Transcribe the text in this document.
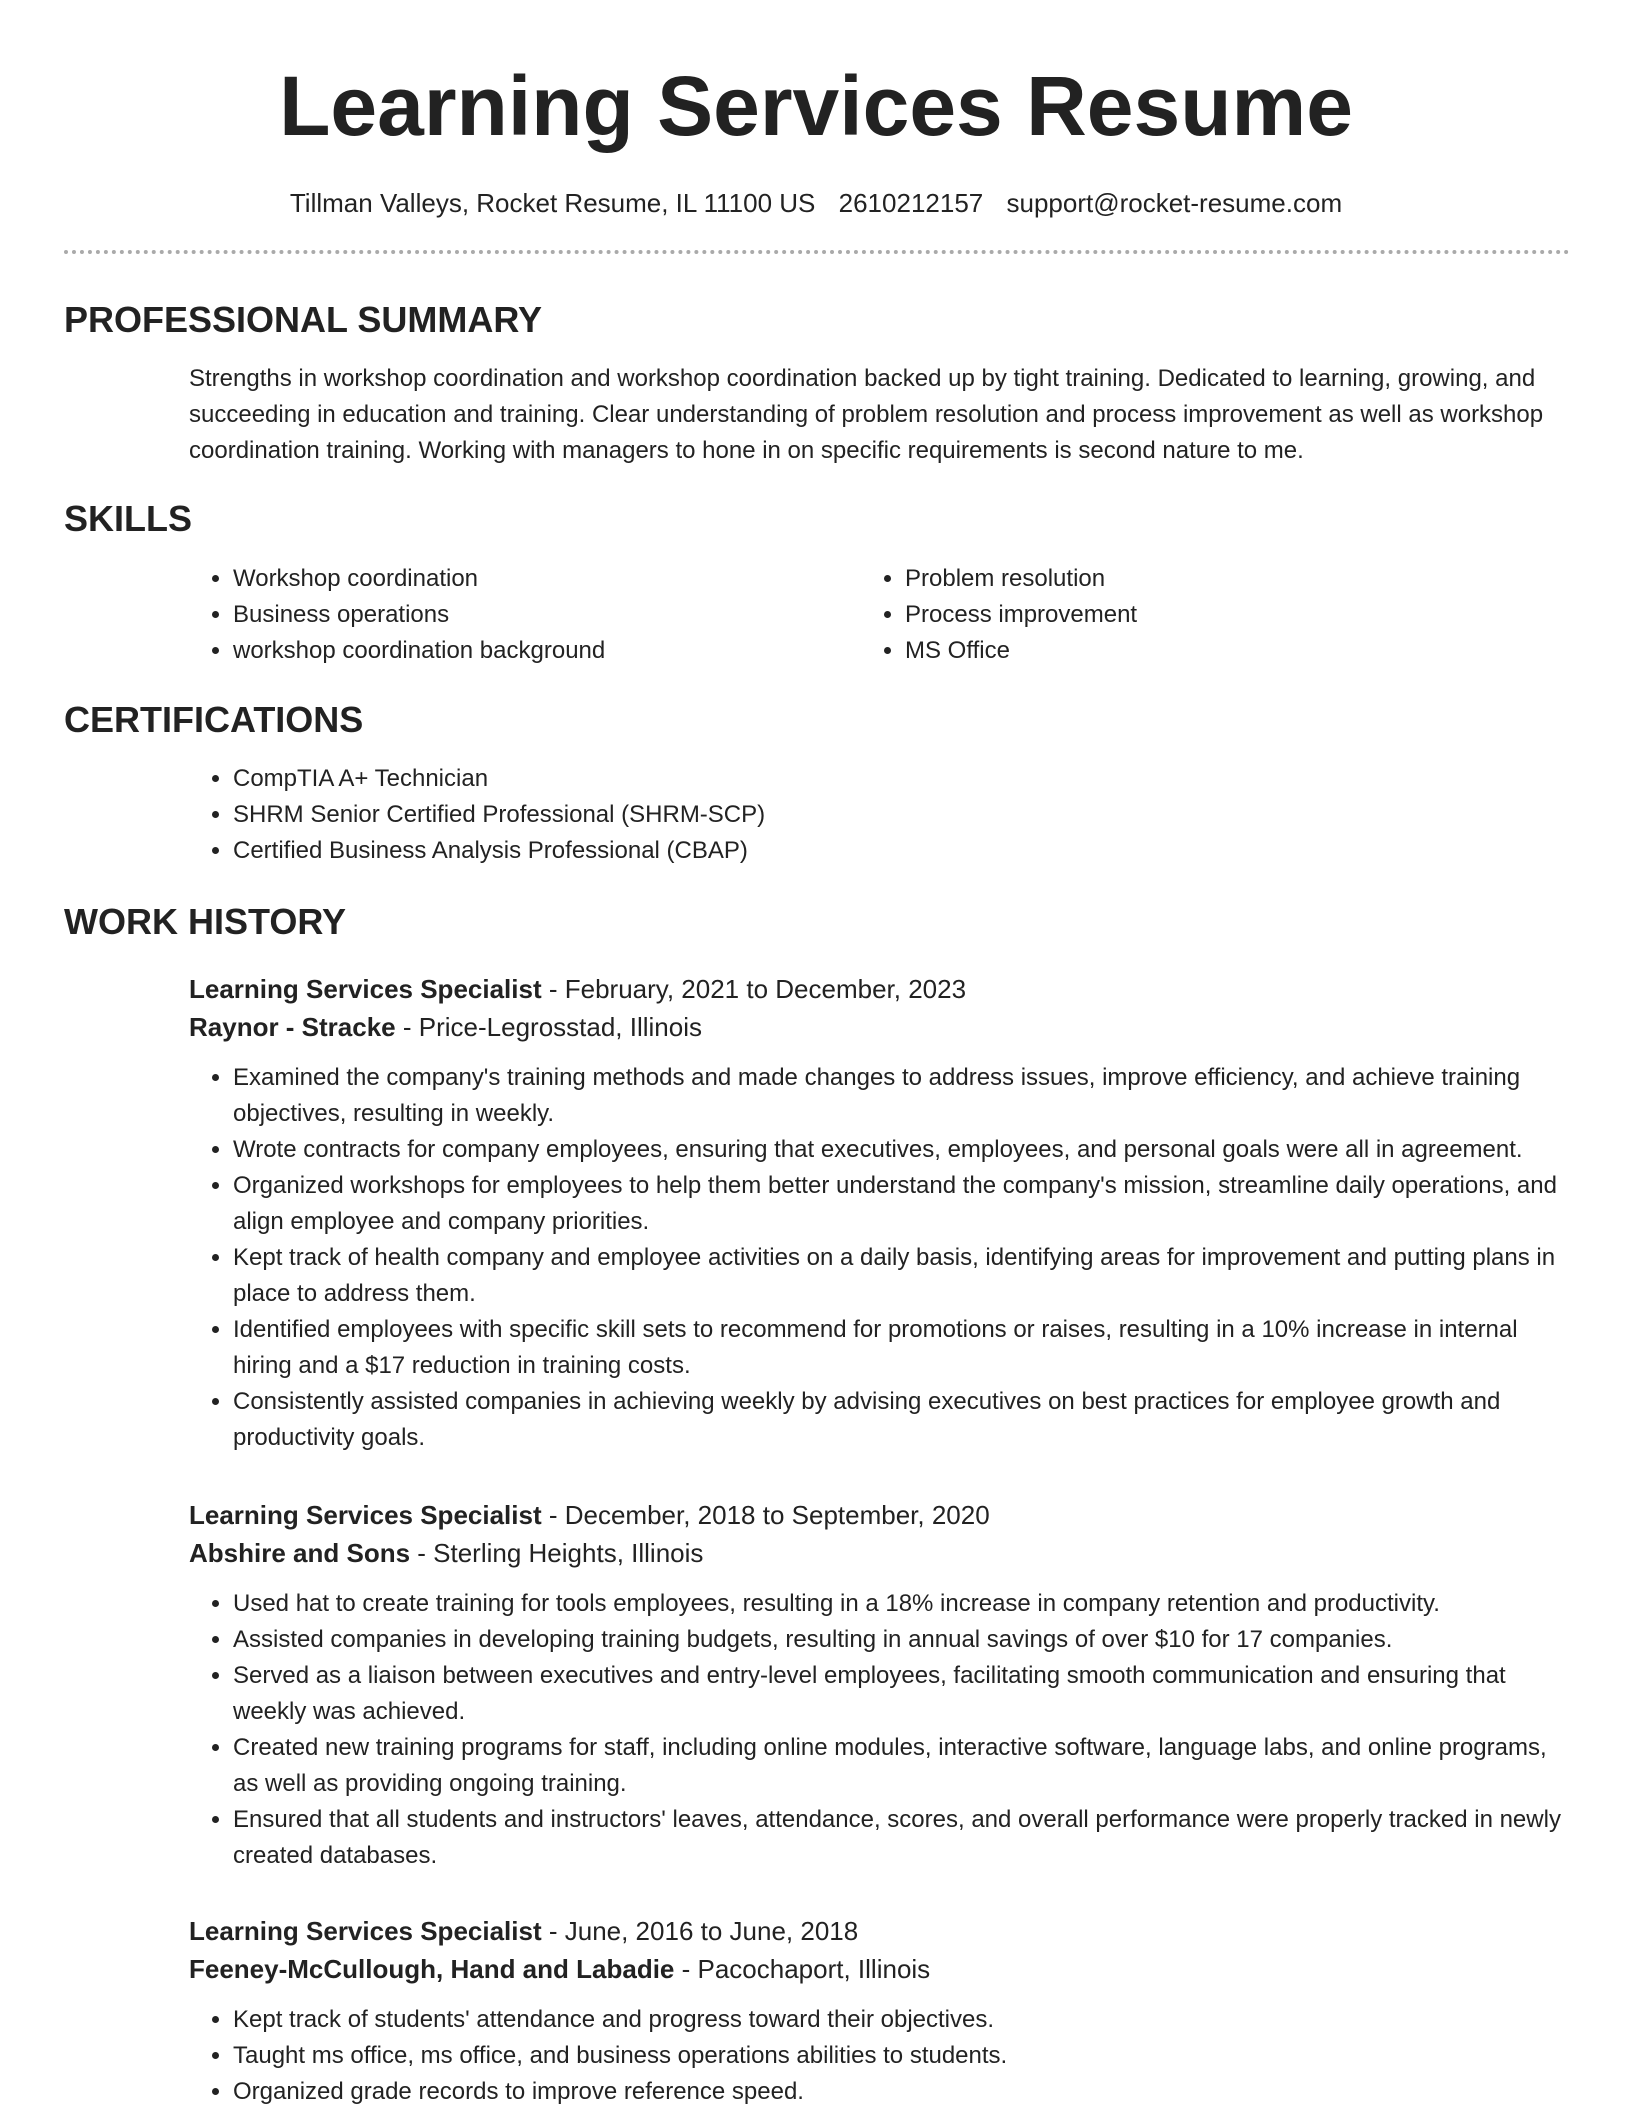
Learning Services Resume
Tillman Valleys, Rocket Resume, IL 11100 US 2610212157 support@rocket-resume.com
PROFESSIONAL SUMMARY

Strengths in workshop coordination and workshop coordination backed up by tight training. Dedicated to learning, growing, and succeeding in education and training. Clear understanding of problem resolution and process improvement as well as workshop coordination training. Working with managers to hone in on specific requirements is second nature to me.

SKILLS
• Workshop coordination
• Business operations
• workshop coordination background
• Problem resolution
• Process improvement
• MS Office
CERTIFICATIONS
• CompTIA A+ Technician
• SHRM Senior Certified Professional (SHRM-SCP)
• Certified Business Analysis Professional (CBAP)
WORK HISTORY

Learning Services Specialist - February, 2021 to December, 2023

Raynor - Stracke - Price-Legrosstad, Illinois

• Examined the company's training methods and made changes to address issues, improve efficiency, and achieve training objectives, resulting in weekly.
• Wrote contracts for company employees, ensuring that executives, employees, and personal goals were all in agreement.
• Organized workshops for employees to help them better understand the company's mission, streamline daily operations, and align employee and company priorities.
• Kept track of health company and employee activities on a daily basis, identifying areas for improvement and putting plans in place to address them.
• Identified employees with specific skill sets to recommend for promotions or raises, resulting in a 10% increase in internal hiring and a $17 reduction in training costs.
• Consistently assisted companies in achieving weekly by advising executives on best practices for employee growth and productivity goals.

Learning Services Specialist - December, 2018 to September, 2020

Abshire and Sons - Sterling Heights, Illinois

• Used hat to create training for tools employees, resulting in a 18% increase in company retention and productivity.
• Assisted companies in developing training budgets, resulting in annual savings of over $10 for 17 companies.
• Served as a liaison between executives and entry-level employees, facilitating smooth communication and ensuring that weekly was achieved.
• Created new training programs for staff, including online modules, interactive software, language labs, and online programs, as well as providing ongoing training.
• Ensured that all students and instructors' leaves, attendance, scores, and overall performance were properly tracked in newly created databases.

Learning Services Specialist - June, 2016 to June, 2018

Feeney-McCullough, Hand and Labadie - Pacochaport, Illinois

• Kept track of students' attendance and progress toward their objectives.
• Taught ms office, ms office, and business operations abilities to students.
• Organized grade records to improve reference speed.
